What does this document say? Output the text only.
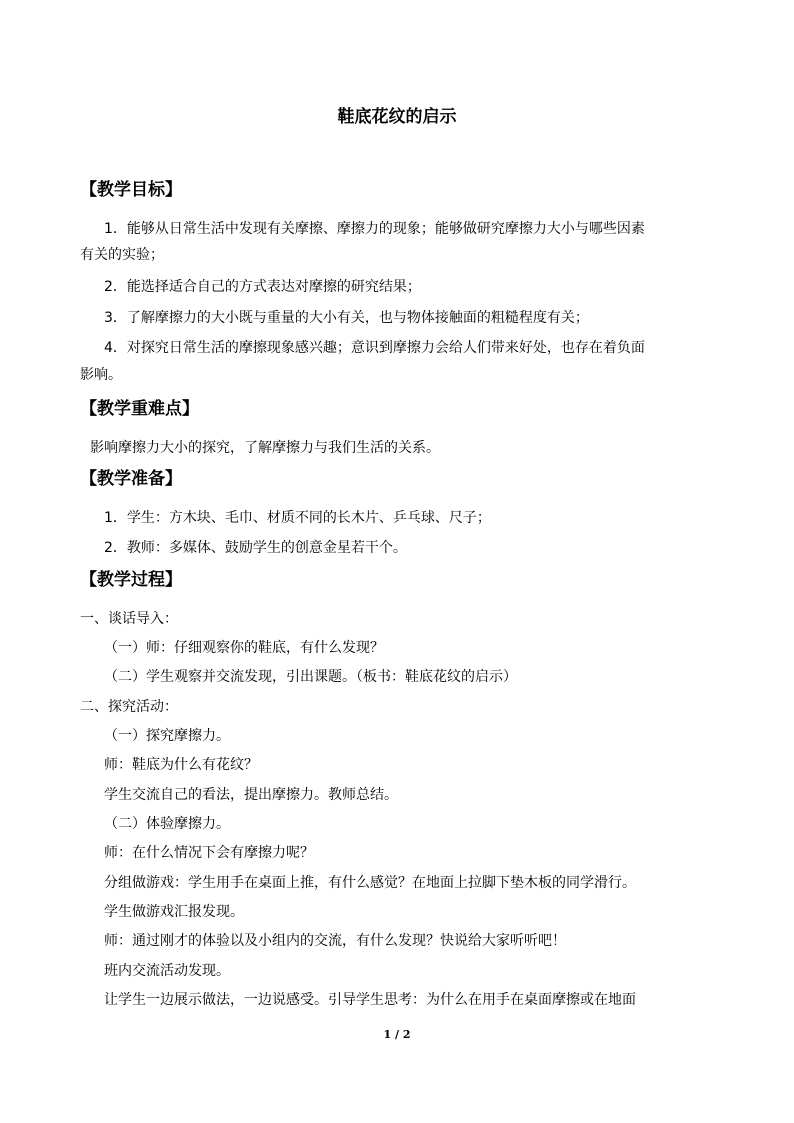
鞋底花纹的启示
【教学目标】
1．能够从日常生活中发现有关摩擦、摩擦力的现象；能够做研究摩擦力大小与哪些因素
有关的实验；
2．能选择适合自己的方式表达对摩擦的研究结果；
3．了解摩擦力的大小既与重量的大小有关，也与物体接触面的粗糙程度有关；
4．对探究日常生活的摩擦现象感兴趣；意识到摩擦力会给人们带来好处，也存在着负面
影响。
【教学重难点】
影响摩擦力大小的探究，了解摩擦力与我们生活的关系。
【教学准备】
1．学生：方木块、毛巾、材质不同的长木片、乒乓球、尺子；
2．教师：多媒体、鼓励学生的创意金星若干个。
【教学过程】
一、谈话导入：
（一）师：仔细观察你的鞋底，有什么发现？
（二）学生观察并交流发现，引出课题。（板书：鞋底花纹的启示）
二、探究活动：
（一）探究摩擦力。
师：鞋底为什么有花纹？
学生交流自己的看法，提出摩擦力。教师总结。
（二）体验摩擦力。
师：在什么情况下会有摩擦力呢？
分组做游戏：学生用手在桌面上推，有什么感觉？在地面上拉脚下垫木板的同学滑行。
学生做游戏汇报发现。
师：通过刚才的体验以及小组内的交流，有什么发现？快说给大家听听吧！
班内交流活动发现。
让学生一边展示做法，一边说感受。引导学生思考：为什么在用手在桌面摩擦或在地面
1 / 2
